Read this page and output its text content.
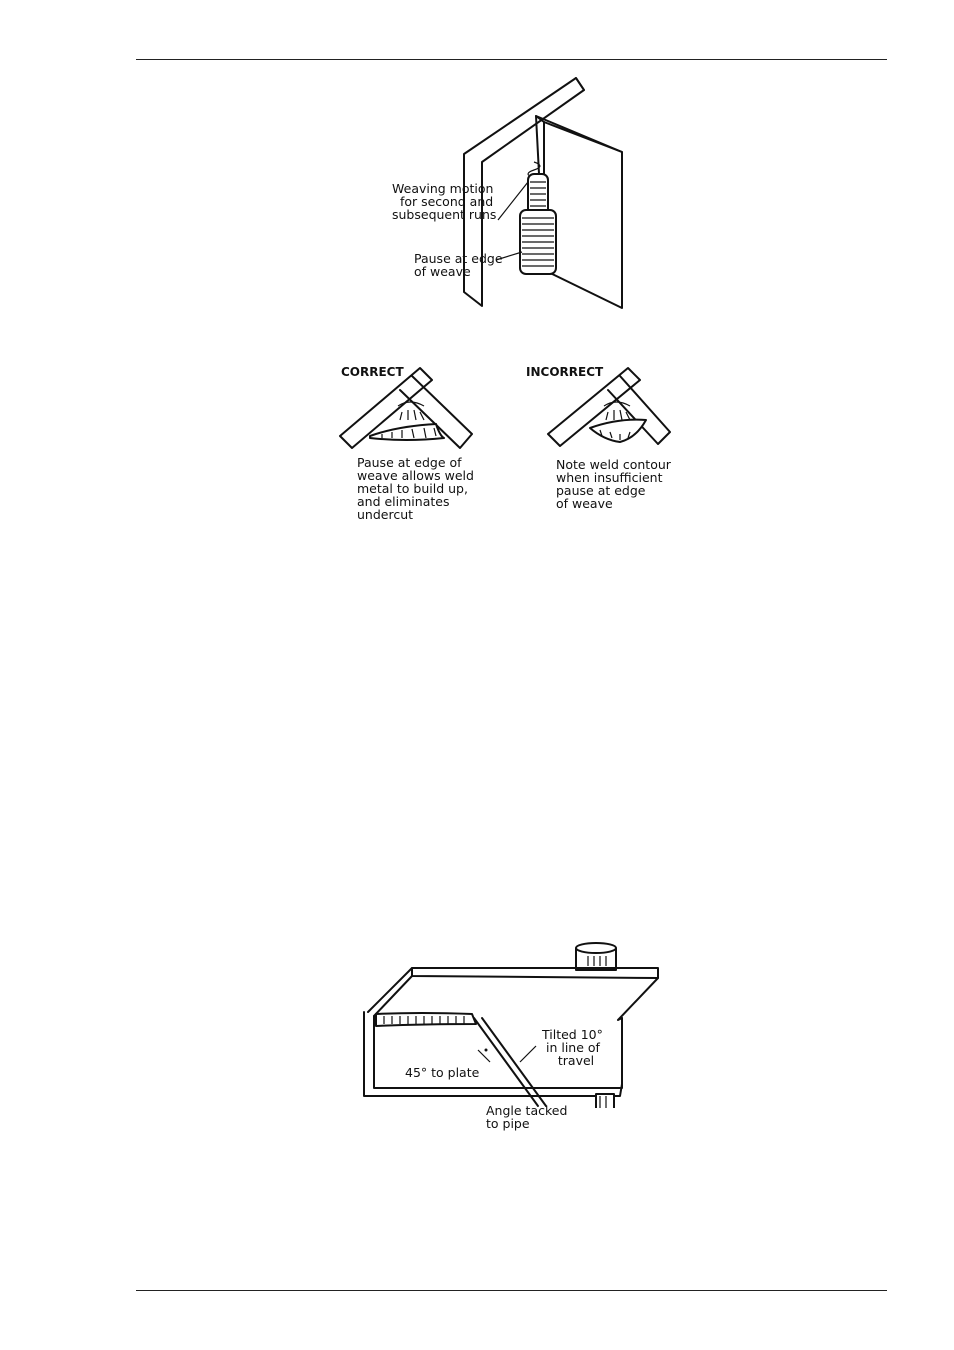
Weaving motion
for second and
subsequent runs
Pause at edge
of weave
CORRECT
Pause at edge of
weave allows weld
metal to build up,
and eliminates
undercut
INCORRECT
Note weld contour
when insufficient
pause at edge
of weave
Tilted 10°
in line of
travel
45° to plate
Angle tacked
to pipe
